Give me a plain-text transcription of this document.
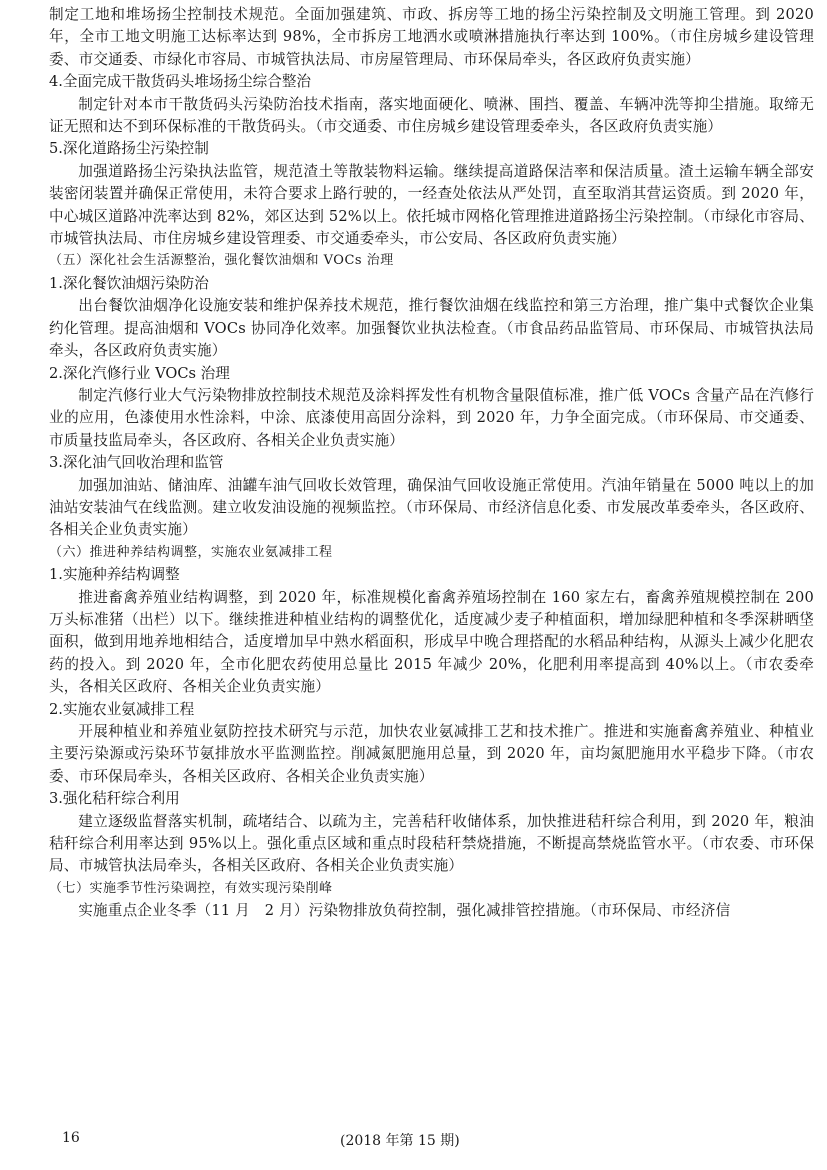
制定工地和堆场扬尘控制技术规范。全面加强建筑、市政、拆房等工地的扬尘污染控制及文明施工管理。到 2020 年，全市工地文明施工达标率达到 98%，全市拆房工地洒水或喷淋措施执行率达到 100%。（市住房城乡建设管理委、市交通委、市绿化市容局、市城管执法局、市房屋管理局、市环保局牵头，各区政府负责实施）

4.全面完成干散货码头堆场扬尘综合整治

制定针对本市干散货码头污染防治技术指南，落实地面硬化、喷淋、围挡、覆盖、车辆冲洗等抑尘措施。取缔无证无照和达不到环保标准的干散货码头。（市交通委、市住房城乡建设管理委牵头，各区政府负责实施）

5.深化道路扬尘污染控制

加强道路扬尘污染执法监管，规范渣土等散装物料运输。继续提高道路保洁率和保洁质量。渣土运输车辆全部安装密闭装置并确保正常使用，未符合要求上路行驶的，一经查处依法从严处罚，直至取消其营运资质。到 2020 年，中心城区道路冲洗率达到 82%，郊区达到 52%以上。依托城市网格化管理推进道路扬尘污染控制。（市绿化市容局、市城管执法局、市住房城乡建设管理委、市交通委牵头，市公安局、各区政府负责实施）

（五）深化社会生活源整治，强化餐饮油烟和 VOCs 治理

1.深化餐饮油烟污染防治

出台餐饮油烟净化设施安装和维护保养技术规范，推行餐饮油烟在线监控和第三方治理，推广集中式餐饮企业集约化管理。提高油烟和 VOCs 协同净化效率。加强餐饮业执法检查。（市食品药品监管局、市环保局、市城管执法局牵头，各区政府负责实施）

2.深化汽修行业 VOCs 治理

制定汽修行业大气污染物排放控制技术规范及涂料挥发性有机物含量限值标准，推广低 VOCs 含量产品在汽修行业的应用，色漆使用水性涂料，中涂、底漆使用高固分涂料，到 2020 年，力争全面完成。（市环保局、市交通委、市质量技监局牵头，各区政府、各相关企业负责实施）

3.深化油气回收治理和监管

加强加油站、储油库、油罐车油气回收长效管理，确保油气回收设施正常使用。汽油年销量在 5000 吨以上的加油站安装油气在线监测。建立收发油设施的视频监控。（市环保局、市经济信息化委、市发展改革委牵头，各区政府、各相关企业负责实施）

（六）推进种养结构调整，实施农业氨减排工程

1.实施种养结构调整

推进畜禽养殖业结构调整，到 2020 年，标准规模化畜禽养殖场控制在 160 家左右，畜禽养殖规模控制在 200 万头标准猪（出栏）以下。继续推进种植业结构的调整优化，适度减少麦子种植面积，增加绿肥种植和冬季深耕晒垡面积，做到用地养地相结合，适度增加早中熟水稻面积，形成早中晚合理搭配的水稻品种结构，从源头上减少化肥农药的投入。到 2020 年，全市化肥农药使用总量比 2015 年减少 20%，化肥利用率提高到 40%以上。（市农委牵头，各相关区政府、各相关企业负责实施）

2.实施农业氨减排工程

开展种植业和养殖业氨防控技术研究与示范，加快农业氨减排工艺和技术推广。推进和实施畜禽养殖业、种植业主要污染源或污染环节氨排放水平监测监控。削减氮肥施用总量，到 2020 年，亩均氮肥施用水平稳步下降。（市农委、市环保局牵头，各相关区政府、各相关企业负责实施）

3.强化秸秆综合利用

建立逐级监督落实机制，疏堵结合、以疏为主，完善秸秆收储体系，加快推进秸秆综合利用，到 2020 年，粮油秸秆综合利用率达到 95%以上。强化重点区域和重点时段秸秆禁烧措施，不断提高禁烧监管水平。（市农委、市环保局、市城管执法局牵头，各相关区政府、各相关企业负责实施）

（七）实施季节性污染调控，有效实现污染削峰

实施重点企业冬季（11 月　2 月）污染物排放负荷控制，强化减排管控措施。（市环保局、市经济信

16	(2018 年第 15 期)
